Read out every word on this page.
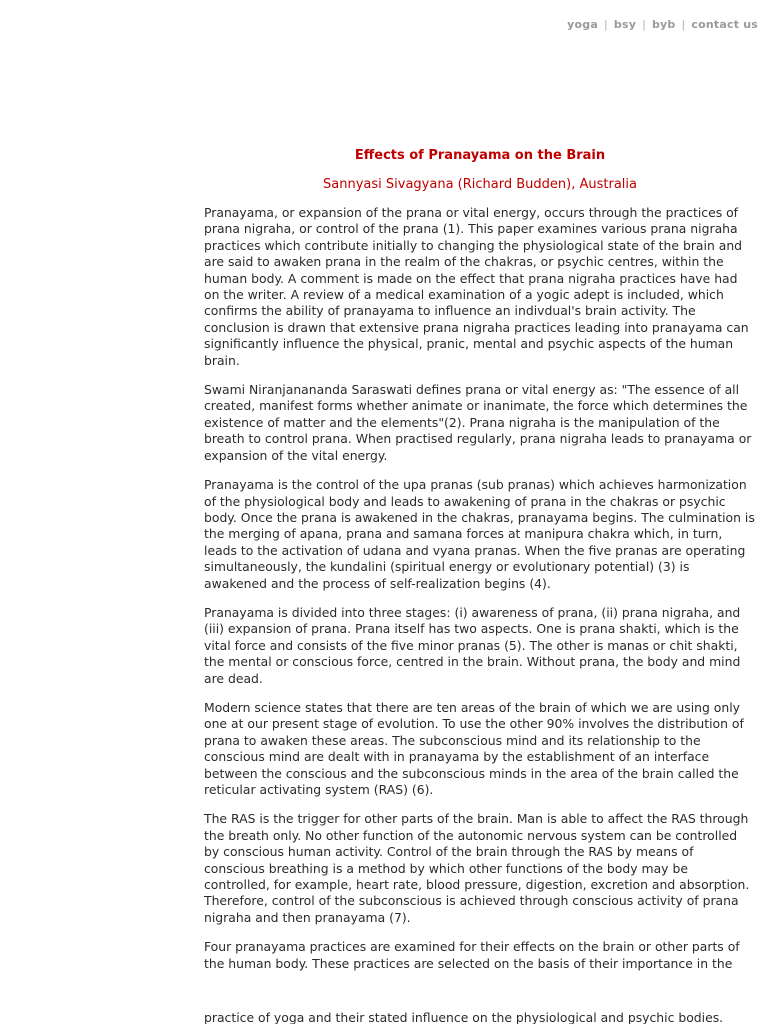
yoga | bsy | byb | contact us
Effects of Pranayama on the Brain
Sannyasi Sivagyana (Richard Budden), Australia

Pranayama, or expansion of the prana or vital energy, occurs through the practices of prana nigraha, or control of the prana (1). This paper examines various prana nigraha practices which contribute initially to changing the physiological state of the brain and are said to awaken prana in the realm of the chakras, or psychic centres, within the human body. A comment is made on the effect that prana nigraha practices have had on the writer. A review of a medical examination of a yogic adept is included, which confirms the ability of pranayama to influence an indivdual's brain activity. The conclusion is drawn that extensive prana nigraha practices leading into pranayama can significantly influence the physical, pranic, mental and psychic aspects of the human brain.

Swami Niranjanananda Saraswati defines prana or vital energy as: "The essence of all created, manifest forms whether animate or inanimate, the force which determines the existence of matter and the elements"(2). Prana nigraha is the manipulation of the breath to control prana. When practised regularly, prana nigraha leads to pranayama or expansion of the vital energy.

Pranayama is the control of the upa pranas (sub pranas) which achieves harmonization of the physiological body and leads to awakening of prana in the chakras or psychic body. Once the prana is awakened in the chakras, pranayama begins. The culmination is the merging of apana, prana and samana forces at manipura chakra which, in turn, leads to the activation of udana and vyana pranas. When the five pranas are operating simultaneously, the kundalini (spiritual energy or evolutionary potential) (3) is awakened and the process of self-realization begins (4).

Pranayama is divided into three stages: (i) awareness of prana, (ii) prana nigraha, and (iii) expansion of prana. Prana itself has two aspects. One is prana shakti, which is the vital force and consists of the five minor pranas (5). The other is manas or chit shakti, the mental or conscious force, centred in the brain. Without prana, the body and mind are dead.

Modern science states that there are ten areas of the brain of which we are using only one at our present stage of evolution. To use the other 90% involves the distribution of prana to awaken these areas. The subconscious mind and its relationship to the conscious mind are dealt with in pranayama by the establishment of an interface between the conscious and the subconscious minds in the area of the brain called the reticular activating system (RAS) (6).

The RAS is the trigger for other parts of the brain. Man is able to affect the RAS through the breath only. No other function of the autonomic nervous system can be controlled by conscious human activity. Control of the brain through the RAS by means of conscious breathing is a method by which other functions of the body may be controlled, for example, heart rate, blood pressure, digestion, excretion and absorption. Therefore, control of the subconscious is achieved through conscious activity of prana nigraha and then pranayama (7).

Four pranayama practices are examined for their effects on the brain or other parts of the human body. These practices are selected on the basis of their importance in the

practice of yoga and their stated influence on the physiological and psychic bodies.
